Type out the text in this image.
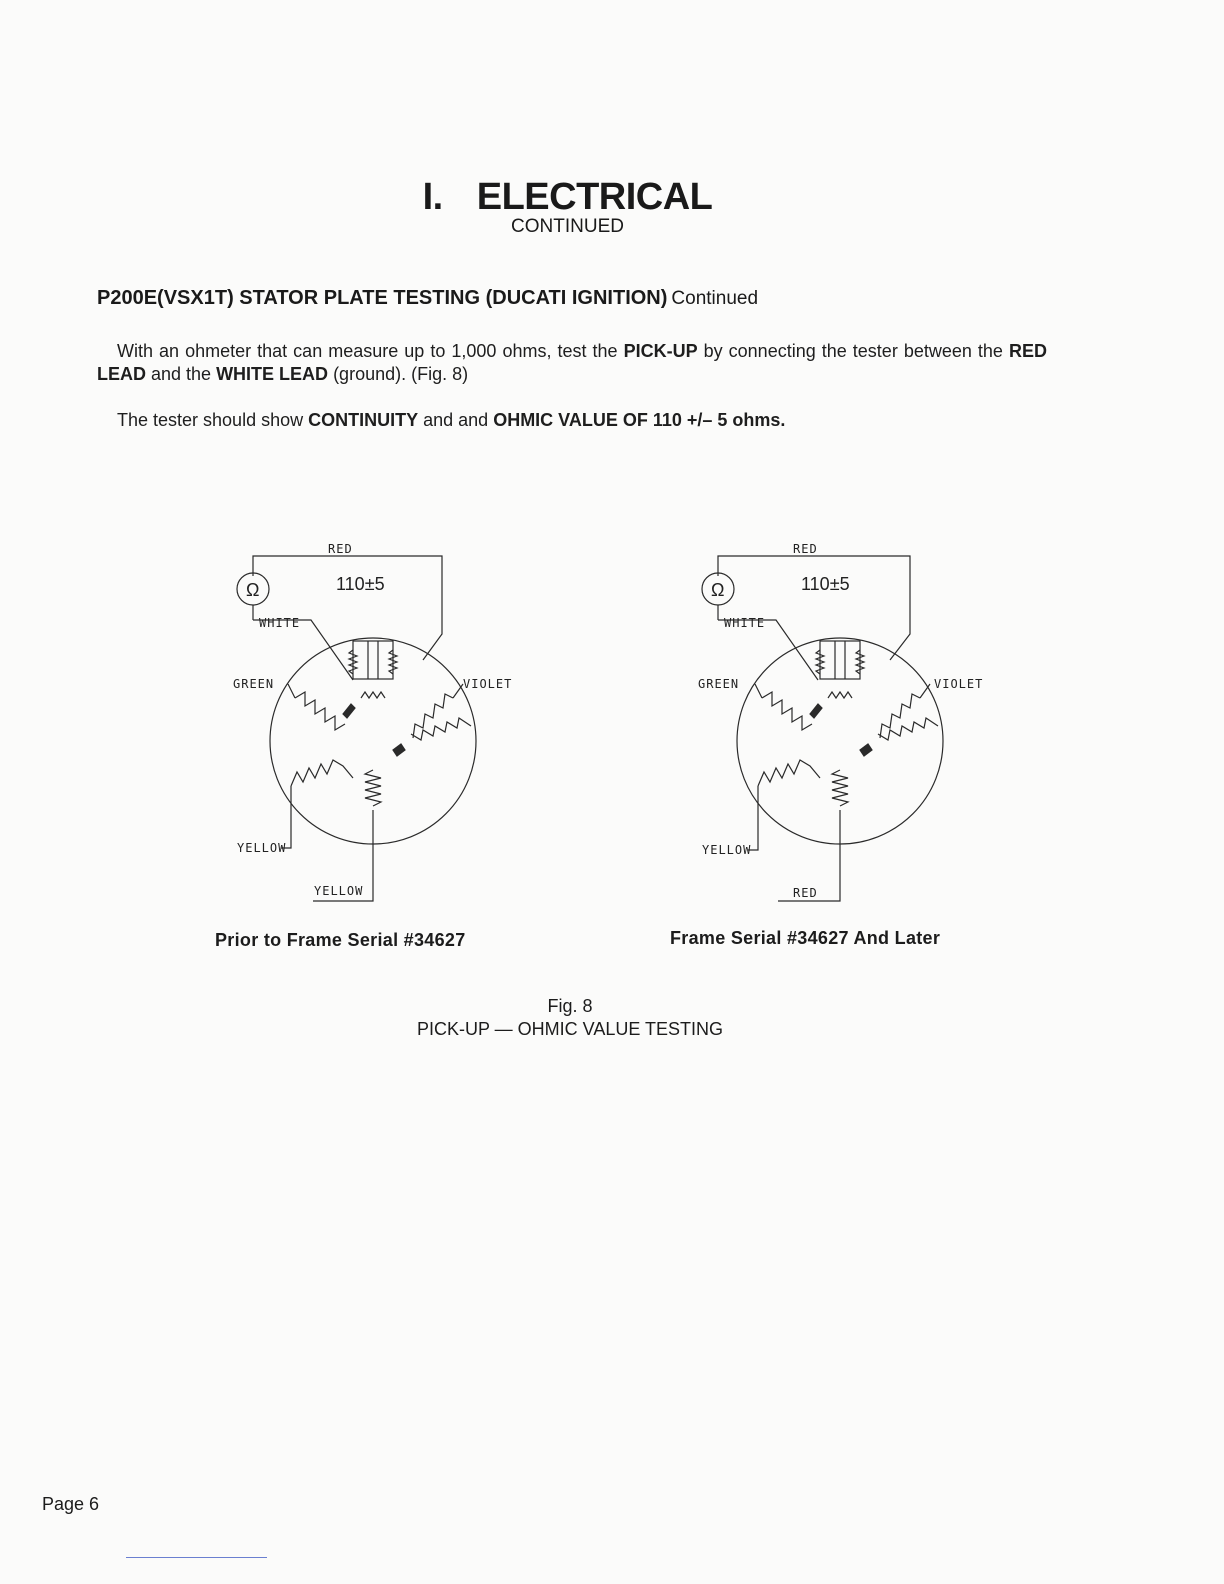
I. ELECTRICAL
CONTINUED
P200E(VSX1T) STATOR PLATE TESTING (DUCATI IGNITION) Continued
With an ohmeter that can measure up to 1,000 ohms, test the PICK-UP by connecting the tester between the RED LEAD and the WHITE LEAD (ground). (Fig. 8)
The tester should show CONTINUITY and and OHMIC VALUE OF 110 +/– 5 ohms.
110±5
Ω
RED
WHITE
GREEN	VIOLET
YELLOW
YELLOW
110±5
Ω
RED
WHITE
GREEN	VIOLET
YELLOW
RED
Prior to Frame Serial #34627	Frame Serial #34627 And Later
Fig. 8
PICK-UP — OHMIC VALUE TESTING
Page 6
